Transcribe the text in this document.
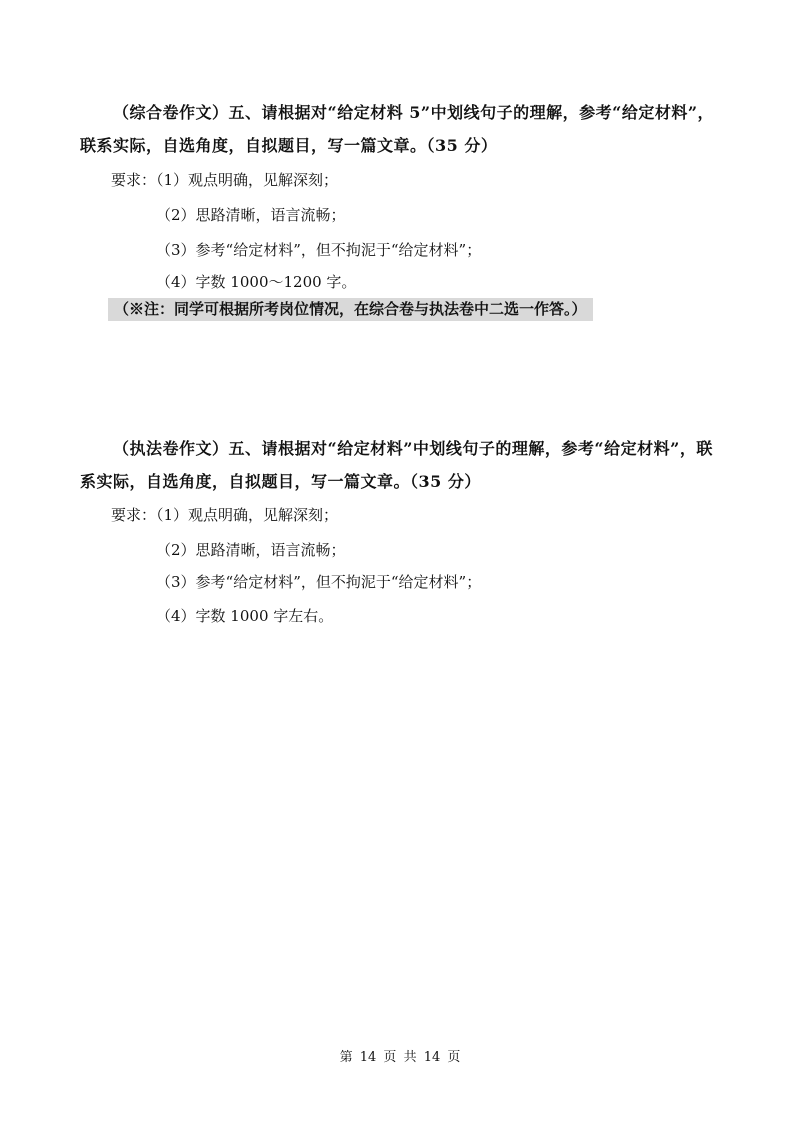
（综合卷作文）五、请根据对“给定材料 5”中划线句子的理解，参考“给定材料”，
联系实际，自选角度，自拟题目，写一篇文章。（35 分）
要求：（1）观点明确，见解深刻；
（2）思路清晰，语言流畅；
（3）参考“给定材料”，但不拘泥于“给定材料”；
（4）字数 1000～1200 字。
（※注：同学可根据所考岗位情况，在综合卷与执法卷中二选一作答。）
（执法卷作文）五、请根据对“给定材料”中划线句子的理解，参考“给定材料”，联
系实际，自选角度，自拟题目，写一篇文章。（35 分）
要求：（1）观点明确，见解深刻；
（2）思路清晰，语言流畅；
（3）参考“给定材料”，但不拘泥于“给定材料”；
（4）字数 1000 字左右。
第 14 页 共 14 页
